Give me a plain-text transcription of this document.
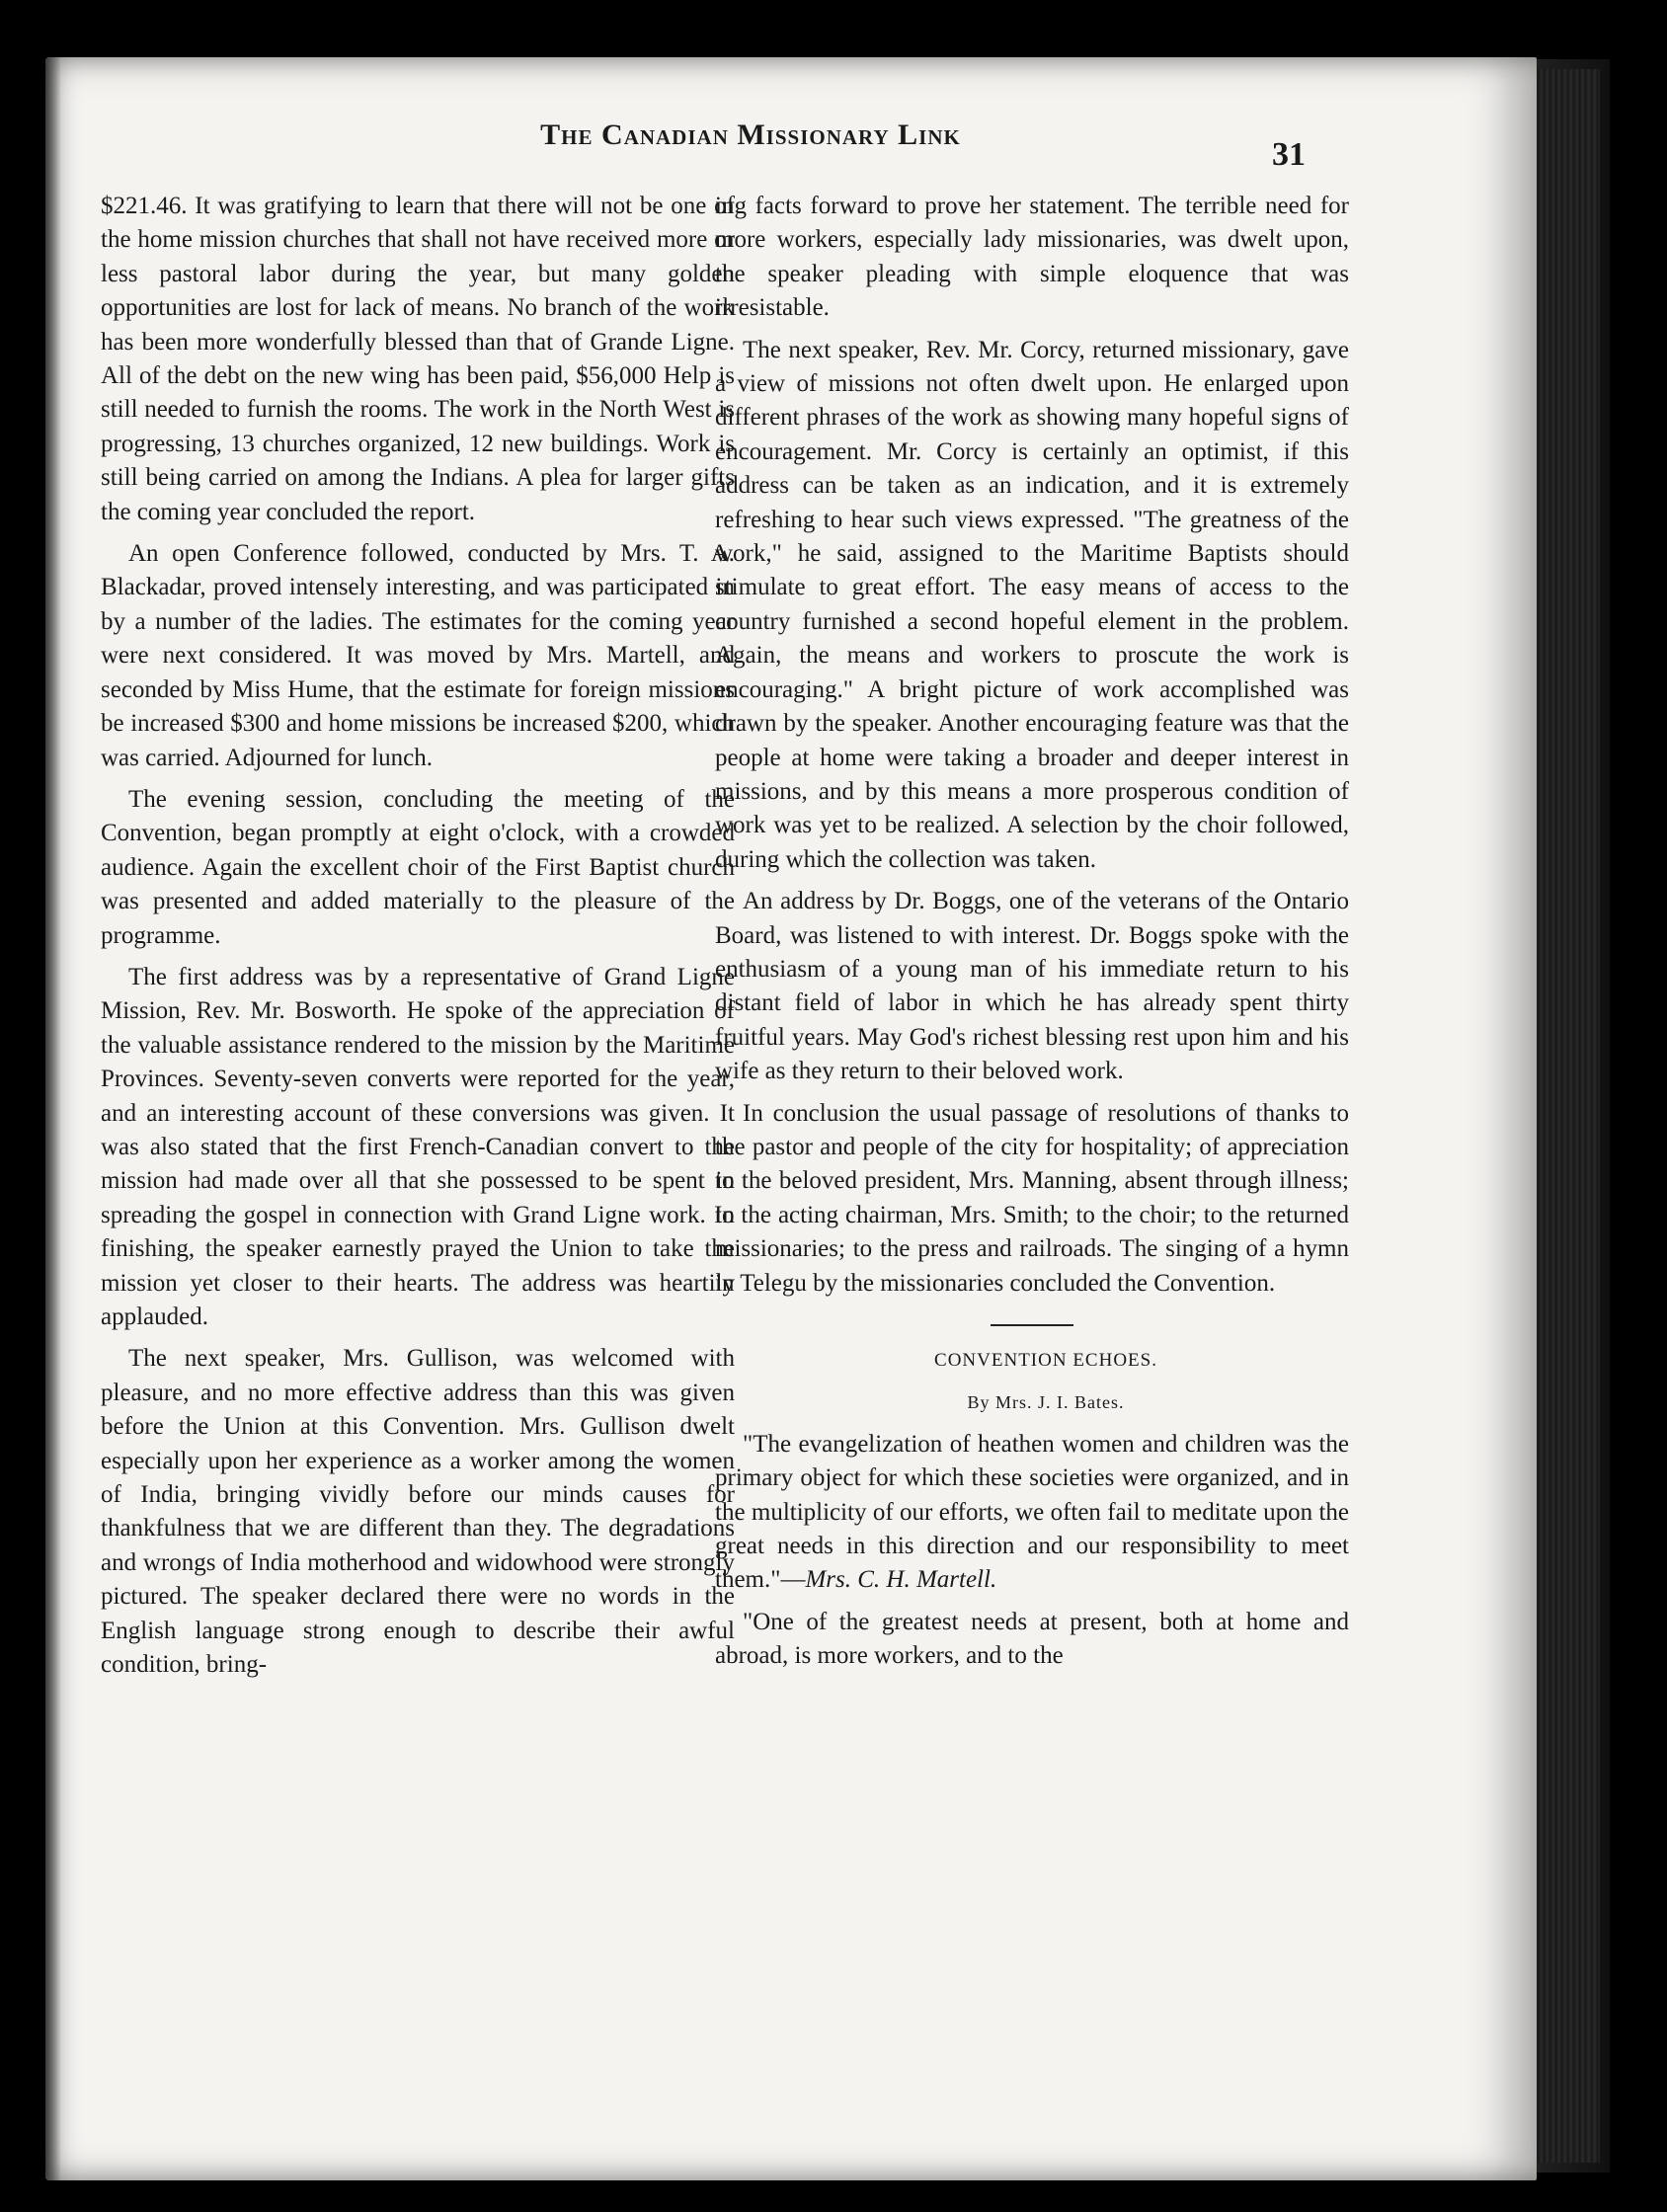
The Canadian Missionary Link
31

$221.46. It was gratifying to learn that there will not be one of the home mission churches that shall not have received more or less pastoral labor during the year, but many golden opportunities are lost for lack of means. No branch of the work has been more wonderfully blessed than that of Grande Ligne. All of the debt on the new wing has been paid, $56,000 Help is still needed to furnish the rooms. The work in the North West is progressing, 13 churches organized, 12 new buildings. Work is still being carried on among the Indians. A plea for larger gifts the coming year concluded the report.

An open Conference followed, conducted by Mrs. T. A. Blackadar, proved intensely interesting, and was participated in by a number of the ladies. The estimates for the coming year were next considered. It was moved by Mrs. Martell, and seconded by Miss Hume, that the estimate for foreign missions be increased $300 and home missions be increased $200, which was carried. Adjourned for lunch.

The evening session, concluding the meeting of the Convention, began promptly at eight o'clock, with a crowded audience. Again the excellent choir of the First Baptist church was presented and added materially to the pleasure of the programme.

The first address was by a representative of Grand Ligne Mission, Rev. Mr. Bosworth. He spoke of the appreciation of the valuable assistance rendered to the mission by the Maritime Provinces. Seventy-seven converts were reported for the year, and an interesting account of these conversions was given. It was also stated that the first French-Canadian convert to the mission had made over all that she possessed to be spent in spreading the gospel in connection with Grand Ligne work. In finishing, the speaker earnestly prayed the Union to take the mission yet closer to their hearts. The address was heartily applauded.

The next speaker, Mrs. Gullison, was welcomed with pleasure, and no more effective address than this was given before the Union at this Convention. Mrs. Gullison dwelt especially upon her experience as a worker among the women of India, bringing vividly before our minds causes for thankfulness that we are different than they. The degradations and wrongs of India motherhood and widowhood were strongly pictured. The speaker declared there were no words in the English language strong enough to describe their awful condition, bring-

ing facts forward to prove her statement. The terrible need for more workers, especially lady missionaries, was dwelt upon, the speaker pleading with simple eloquence that was irresistable.

The next speaker, Rev. Mr. Corcy, returned missionary, gave a view of missions not often dwelt upon. He enlarged upon different phrases of the work as showing many hopeful signs of encouragement. Mr. Corcy is certainly an optimist, if this address can be taken as an indication, and it is extremely refreshing to hear such views expressed. "The greatness of the work," he said, assigned to the Maritime Baptists should stimulate to great effort. The easy means of access to the country furnished a second hopeful element in the problem. Again, the means and workers to proscute the work is encouraging." A bright picture of work accomplished was drawn by the speaker. Another encouraging feature was that the people at home were taking a broader and deeper interest in missions, and by this means a more prosperous condition of work was yet to be realized. A selection by the choir followed, during which the collection was taken.

An address by Dr. Boggs, one of the veterans of the Ontario Board, was listened to with interest. Dr. Boggs spoke with the enthusiasm of a young man of his immediate return to his distant field of labor in which he has already spent thirty fruitful years. May God's richest blessing rest upon him and his wife as they return to their beloved work.

In conclusion the usual passage of resolutions of thanks to the pastor and people of the city for hospitality; of appreciation to the beloved president, Mrs. Manning, absent through illness; to the acting chairman, Mrs. Smith; to the choir; to the returned missionaries; to the press and railroads. The singing of a hymn in Telegu by the missionaries concluded the Convention.

CONVENTION ECHOES.

By Mrs. J. I. Bates.

"The evangelization of heathen women and children was the primary object for which these societies were organized, and in the multiplicity of our efforts, we often fail to meditate upon the great needs in this direction and our responsibility to meet them."—Mrs. C. H. Martell.

"One of the greatest needs at present, both at home and abroad, is more workers, and to the
